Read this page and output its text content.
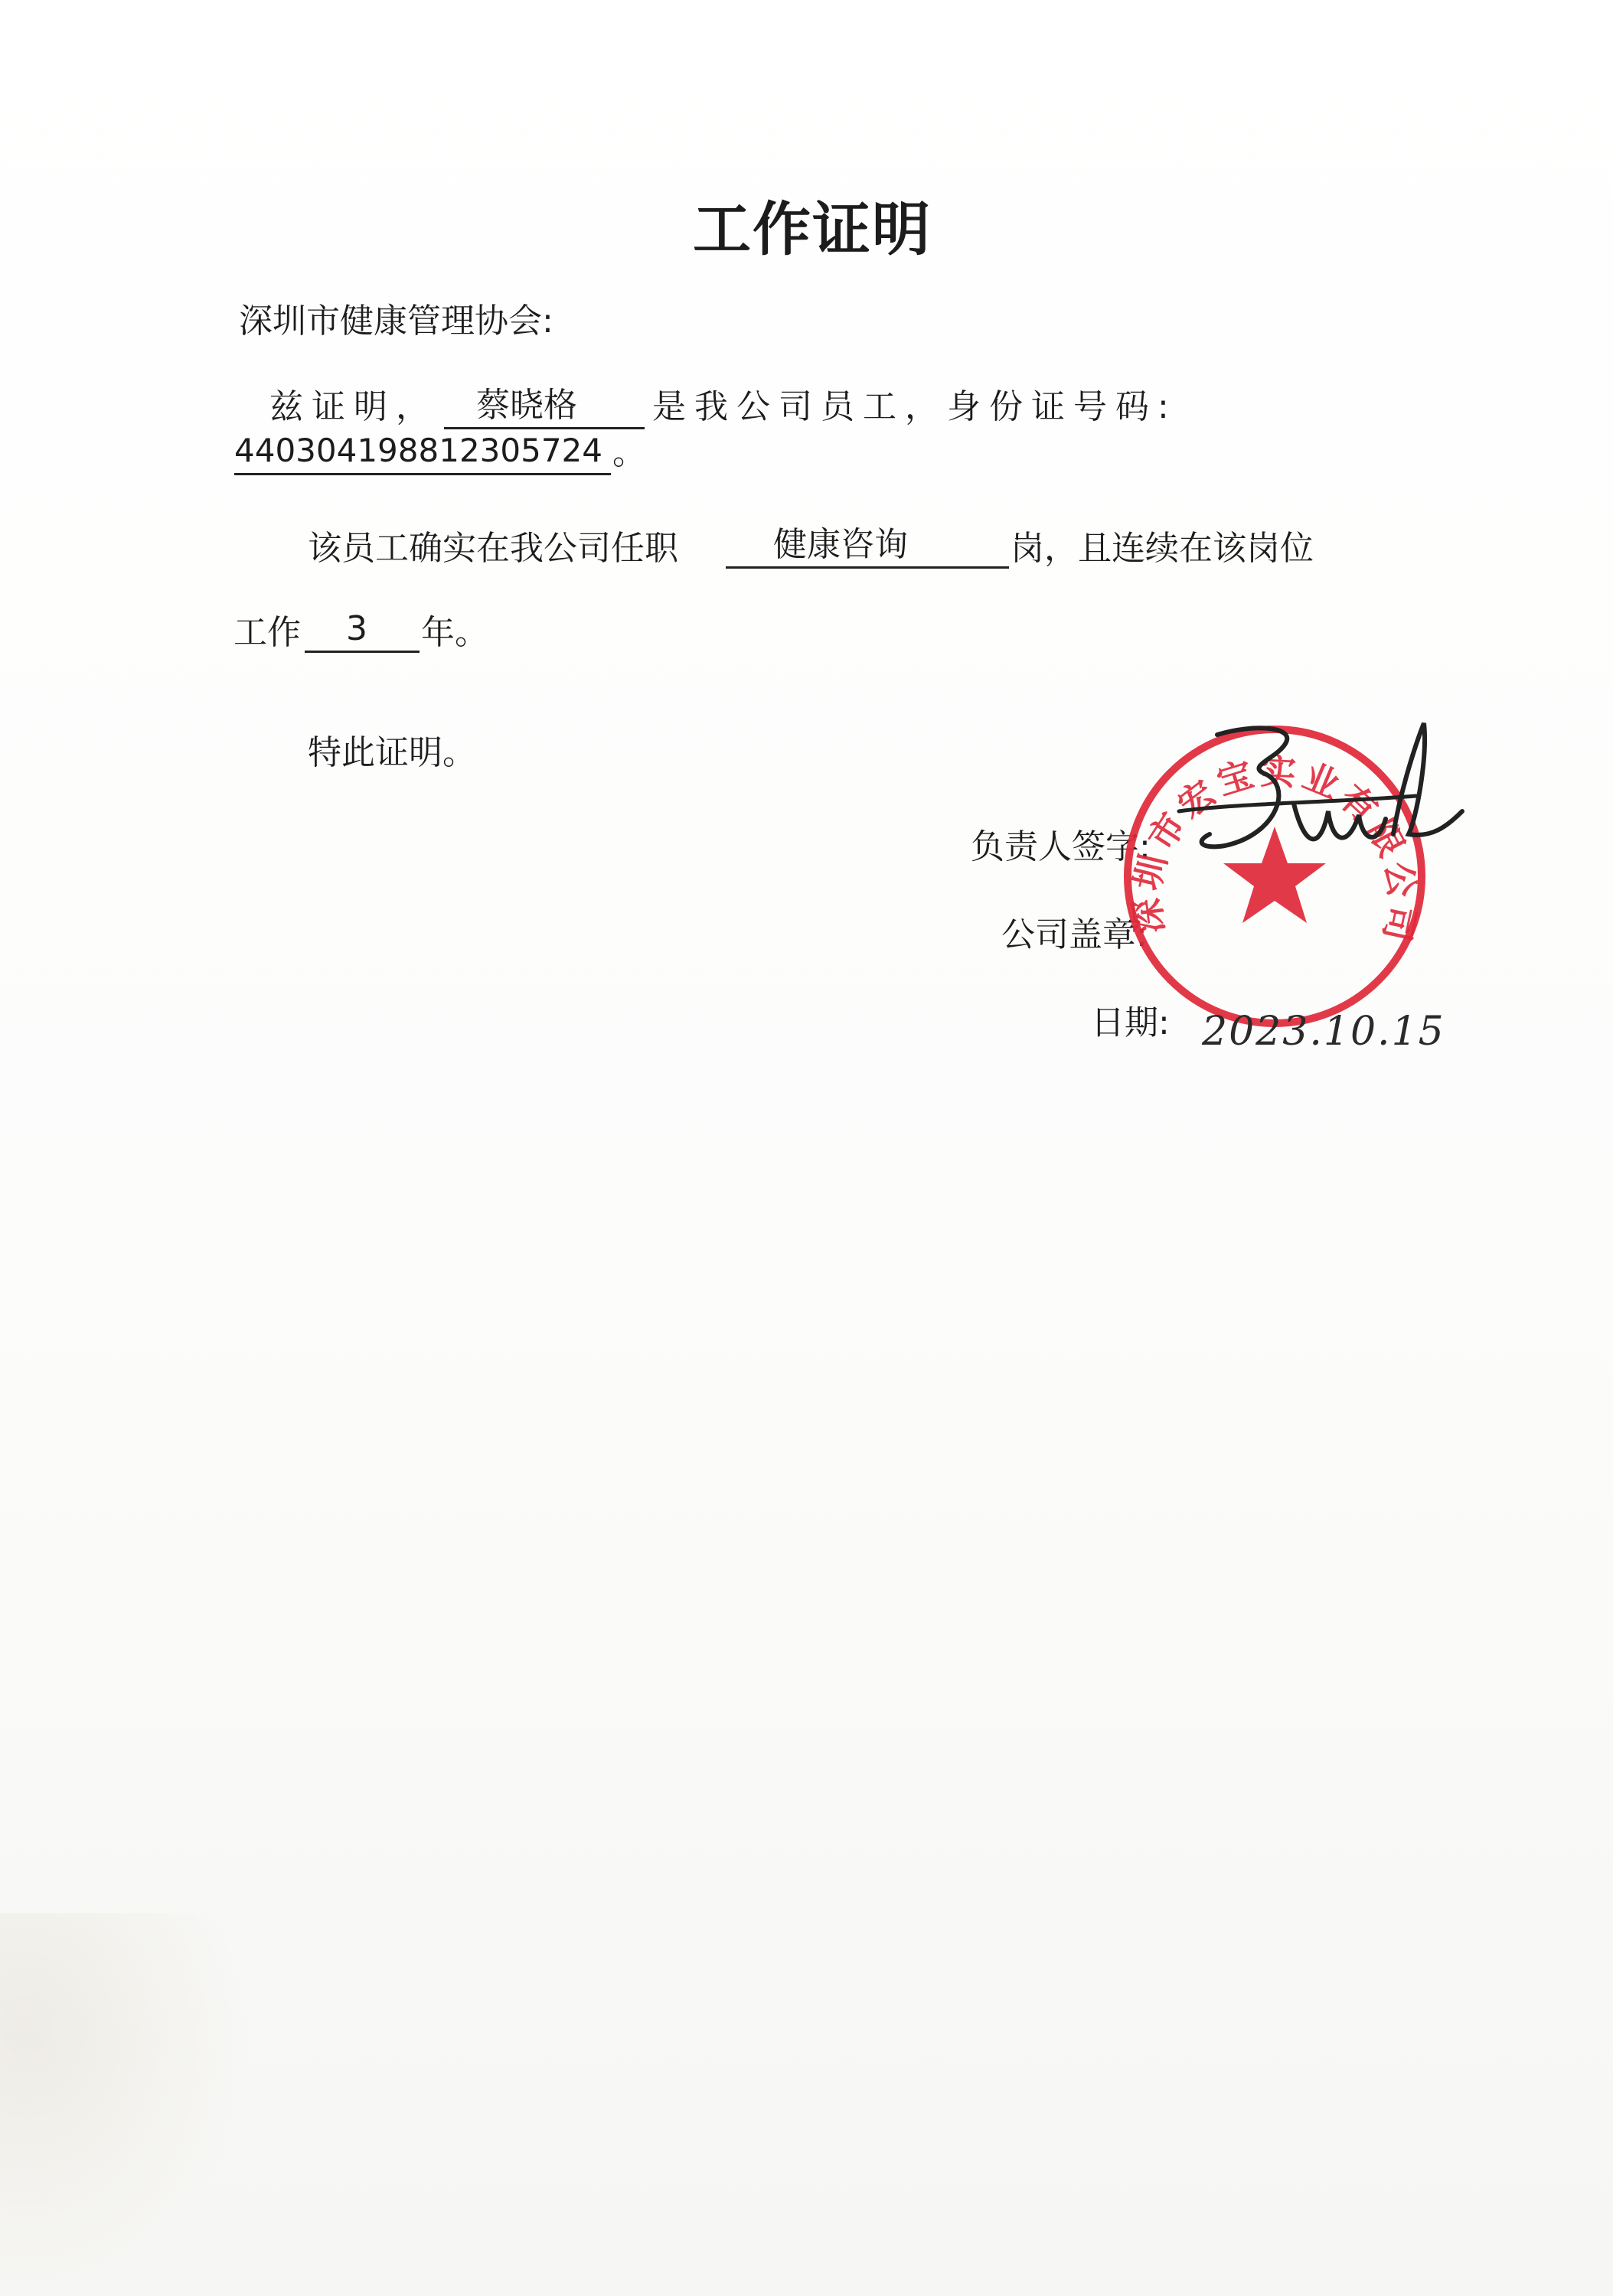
工作证明
深圳市健康管理协会:
兹证明， 蔡晓格 是我公司员工，身份证号码:
440304198812305724 。
该员工确实在我公司任职	健康咨询	岗，且连续在该岗位
工作 3 年。
特此证明。
负责人签字:
公司盖章:
日期:
深圳市宏宝实业有限公司
2023.10.15
